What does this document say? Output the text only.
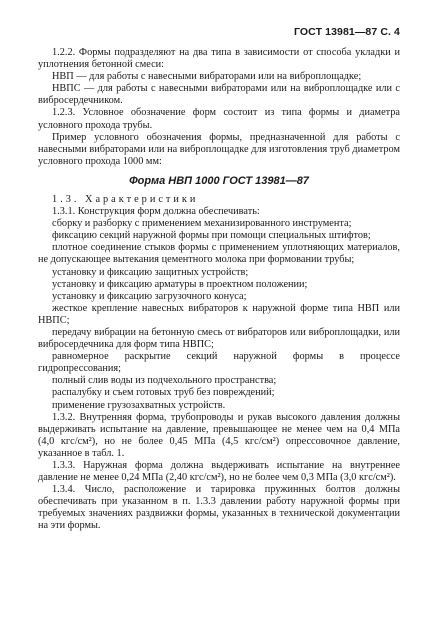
ГОСТ 13981—87 С. 4

1.2.2. Формы подразделяют на два типа в зависимости от способа укладки и уплотнения бетонной смеси:

НВП — для работы с навесными вибраторами или на виброплощадке;

НВПС — для работы с навесными вибраторами или на виброплощадке или с вибросердечником.

1.2.3. Условное обозначение форм состоит из типа формы и диаметра условного прохода трубы.

Пример условного обозначения формы, предназначенной для работы с навесными вибраторами или на виброплощадке для изготовления труб диаметром условного прохода 1000 мм:

Форма НВП 1000 ГОСТ 13981—87

1.3. Характеристики

1.3.1. Конструкция форм должна обеспечивать:

сборку и разборку с применением механизированного инструмента;

фиксацию секций наружной формы при помощи специальных штифтов;

плотное соединение стыков формы с применением уплотняющих материалов, не допускающее вытекания цементного молока при формовании трубы;

установку и фиксацию защитных устройств;

установку и фиксацию арматуры в проектном положении;

установку и фиксацию загрузочного конуса;

жесткое крепление навесных вибраторов к наружной форме типа НВП или НВПС;

передачу вибрации на бетонную смесь от вибраторов или виброплощадки, или вибросердечника для форм типа НВПС;

равномерное раскрытие секций наружной формы в процессе гидропрессования;

полный слив воды из подчехольного пространства;

распалубку и съем готовых труб без повреждений;

применение грузозахватных устройств.

1.3.2. Внутренняя форма, трубопроводы и рукав высокого давления должны выдерживать испытание на давление, превышающее не менее чем на 0,4 МПа (4,0 кгс/см²), но не более 0,45 МПа (4,5 кгс/см²) опрессовочное давление, указанное в табл. 1.

1.3.3. Наружная форма должна выдерживать испытание на внутреннее давление не менее 0,24 МПа (2,40 кгс/см²), но не более чем 0,3 МПа (3,0 кгс/см²).

1.3.4. Число, расположение и тарировка пружинных болтов должны обеспечивать при указанном в п. 1.3.3 давлении работу наружной формы при требуемых значениях раздвижки формы, указанных в технической документации на эти формы.
